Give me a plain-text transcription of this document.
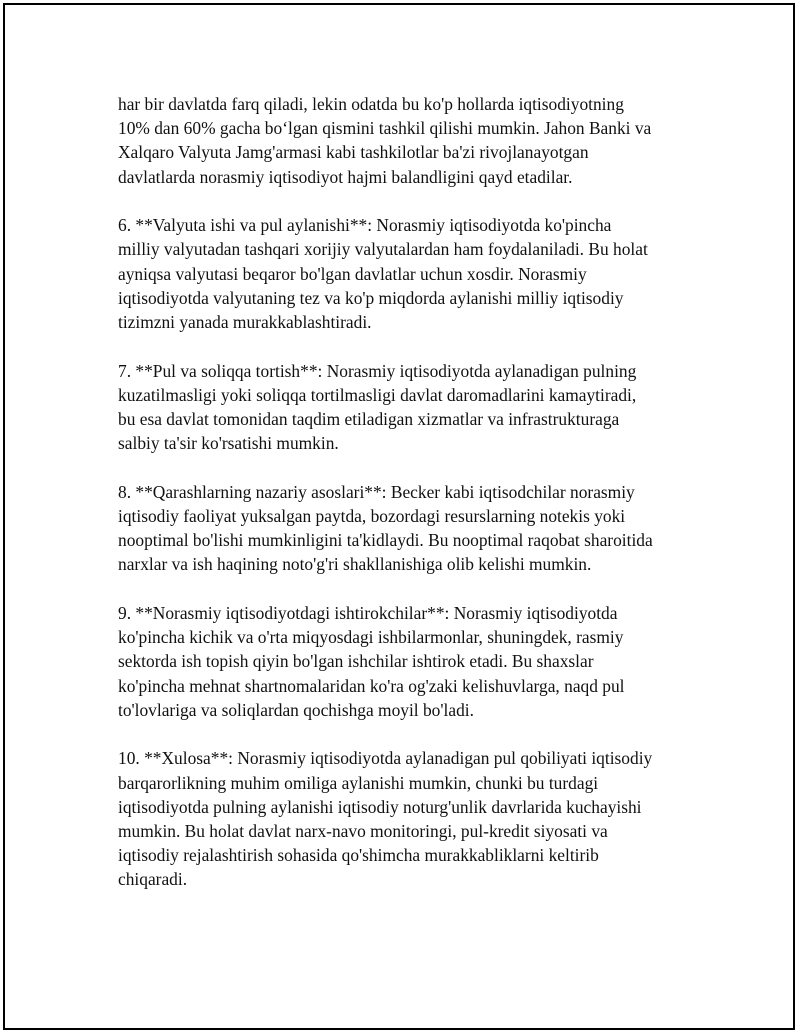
har bir davlatda farq qiladi, lekin odatda bu ko'p hollarda iqtisodiyotning
10% dan 60% gacha bo‘lgan qismini tashkil qilishi mumkin. Jahon Banki va
Xalqaro Valyuta Jamg'armasi kabi tashkilotlar ba'zi rivojlanayotgan
davlatlarda norasmiy iqtisodiyot hajmi balandligini qayd etadilar.

6. **Valyuta ishi va pul aylanishi**: Norasmiy iqtisodiyotda ko'pincha
milliy valyutadan tashqari xorijiy valyutalardan ham foydalaniladi. Bu holat
ayniqsa valyutasi beqaror bo'lgan davlatlar uchun xosdir. Norasmiy
iqtisodiyotda valyutaning tez va ko'p miqdorda aylanishi milliy iqtisodiy
tizimzni yanada murakkablashtiradi.

7. **Pul va soliqqa tortish**: Norasmiy iqtisodiyotda aylanadigan pulning
kuzatilmasligi yoki soliqqa tortilmasligi davlat daromadlarini kamaytiradi,
bu esa davlat tomonidan taqdim etiladigan xizmatlar va infrastrukturaga
salbiy ta'sir ko'rsatishi mumkin.

8. **Qarashlarning nazariy asoslari**: Becker kabi iqtisodchilar norasmiy
iqtisodiy faoliyat yuksalgan paytda, bozordagi resurslarning notekis yoki
nooptimal bo'lishi mumkinligini ta'kidlaydi. Bu nooptimal raqobat sharoitida
narxlar va ish haqining noto'g'ri shakllanishiga olib kelishi mumkin.

9. **Norasmiy iqtisodiyotdagi ishtirokchilar**: Norasmiy iqtisodiyotda
ko'pincha kichik va o'rta miqyosdagi ishbilarmonlar, shuningdek, rasmiy
sektorda ish topish qiyin bo'lgan ishchilar ishtirok etadi. Bu shaxslar
ko'pincha mehnat shartnomalaridan ko'ra og'zaki kelishuvlarga, naqd pul
to'lovlariga va soliqlardan qochishga moyil bo'ladi.

10. **Xulosa**: Norasmiy iqtisodiyotda aylanadigan pul qobiliyati iqtisodiy
barqarorlikning muhim omiliga aylanishi mumkin, chunki bu turdagi
iqtisodiyotda pulning aylanishi iqtisodiy noturg'unlik davrlarida kuchayishi
mumkin. Bu holat davlat narx-navo monitoringi, pul-kredit siyosati va
iqtisodiy rejalashtirish sohasida qo'shimcha murakkabliklarni keltirib
chiqaradi.
